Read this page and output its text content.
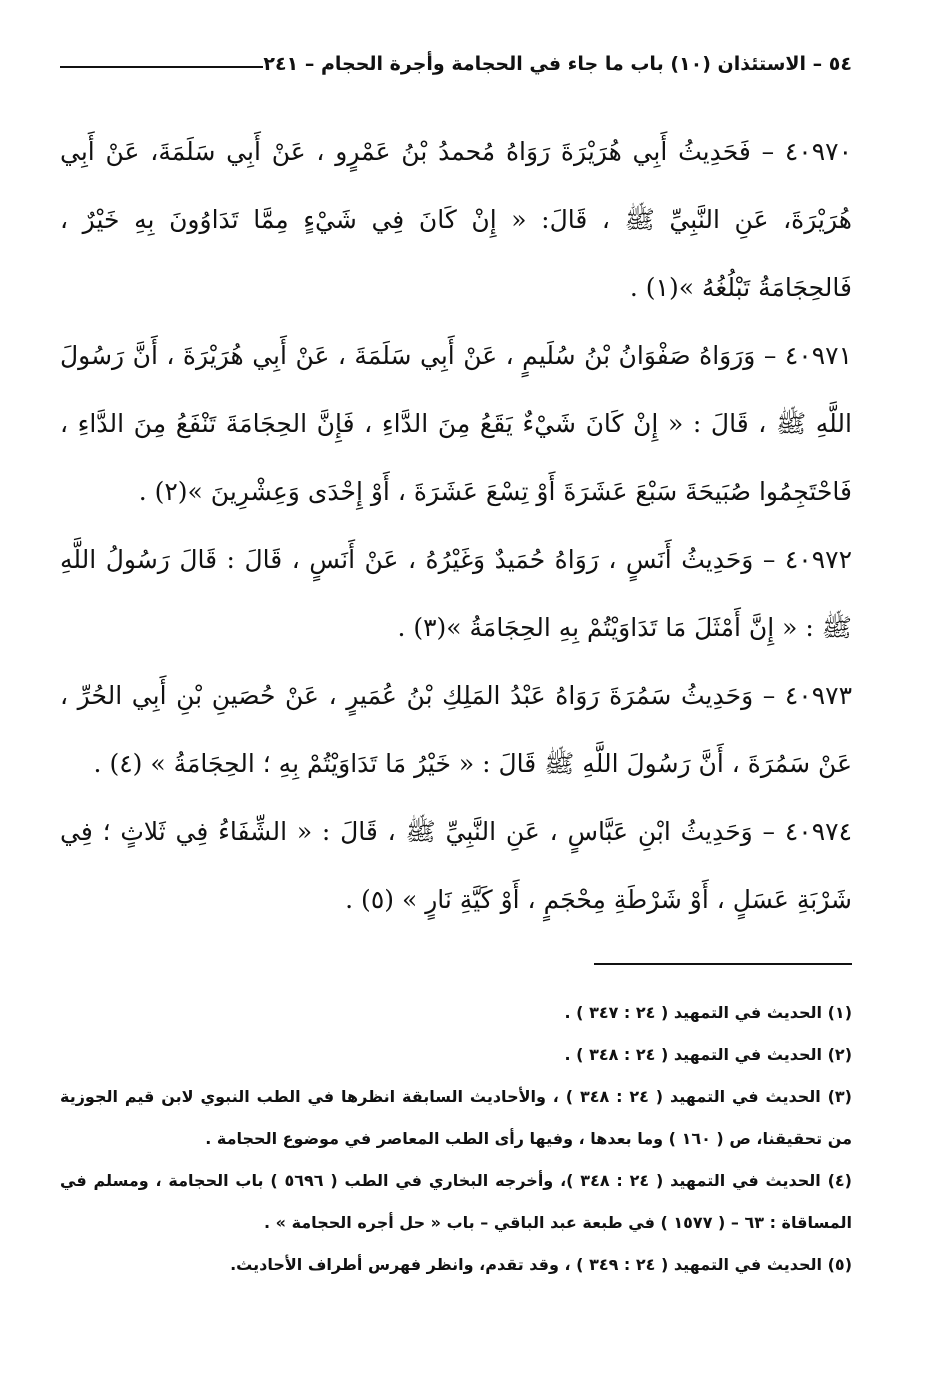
٥٤ – الاستئذان (١٠) باب ما جاء في الحجامة وأجرة الحجام – ٢٤١

٤٠٩٧٠ – فَحَدِيثُ أَبِي هُرَيْرَةَ رَوَاهُ مُحمدُ بْنُ عَمْرٍو ، عَنْ أَبِي سَلَمَةَ، عَنْ أَبِي هُرَيْرَةَ، عَنِ النَّبِيِّ ﷺ ، قَالَ: « إِنْ كَانَ فِي شَيْءٍ مِمَّا تَدَاوُونَ بِهِ خَيْرٌ ، فَالحِجَامَةُ تَبْلُغُهُ »(١) .

٤٠٩٧١ – وَرَوَاهُ صَفْوَانُ بْنُ سُلَيمٍ ، عَنْ أَبِي سَلَمَةَ ، عَنْ أَبِي هُرَيْرَةَ ، أَنَّ رَسُولَ اللَّهِ ﷺ ، قَالَ : « إِنْ كَانَ شَيْءٌ يَقَعُ مِنَ الدَّاءِ ، فَإِنَّ الحِجَامَةَ تَنْفَعُ مِنَ الدَّاءِ ، فَاحْتَجِمُوا صُبَيحَةَ سَبْعَ عَشَرَةَ أَوْ تِسْعَ عَشَرَةَ ، أَوْ إِحْدَى وَعِشْرِينَ »(٢) .

٤٠٩٧٢ – وَحَدِيثُ أَنَسٍ ، رَوَاهُ حُمَيدٌ وَغَيْرُهُ ، عَنْ أَنَسٍ ، قَالَ : قَالَ رَسُولُ اللَّهِ ﷺ : « إِنَّ أَمْثَلَ مَا تَدَاوَيْتُمْ بِهِ الحِجَامَةُ »(٣) .

٤٠٩٧٣ – وَحَدِيثُ سَمُرَةَ رَوَاهُ عَبْدُ المَلِكِ بْنُ عُمَيرٍ ، عَنْ حُصَينِ بْنِ أَبِي الحُرِّ ، عَنْ سَمُرَةَ ، أَنَّ رَسُولَ اللَّهِ ﷺ قَالَ : « خَيْرُ مَا تَدَاوَيْتُمْ بِهِ ؛ الحِجَامَةُ » (٤) .

٤٠٩٧٤ – وَحَدِيثُ ابْنِ عَبَّاسٍ ، عَنِ النَّبِيِّ ﷺ ، قَالَ : « الشِّفَاءُ فِي ثَلاثٍ ؛ فِي شَرْبَةِ عَسَلٍ ، أَوْ شَرْطَةِ مِحْجَمٍ ، أَوْ كَيَّةِ نَارٍ » (٥) .

(١) الحديث في التمهيد ( ٢٤ : ٣٤٧ ) .

(٢) الحديث في التمهيد ( ٢٤ : ٣٤٨ ) .

(٣) الحديث في التمهيد ( ٢٤ : ٣٤٨ ) ، والأحاديث السابقة انظرها في الطب النبوي لابن قيم الجوزية من تحقيقنا، ص ( ١٦٠ ) وما بعدها ، وفيها رأى الطب المعاصر في موضوع الحجامة .

(٤) الحديث في التمهيد ( ٢٤ : ٣٤٨ )، وأخرجه البخاري في الطب ( ٥٦٩٦ ) باب الحجامة ، ومسلم في المساقاة : ٦٣ – ( ١٥٧٧ ) في طبعة عبد الباقي – باب « حل أجره الحجامة » .

(٥) الحديث في التمهيد ( ٢٤ : ٣٤٩ ) ، وقد تقدم، وانظر فهرس أطراف الأحاديث.
